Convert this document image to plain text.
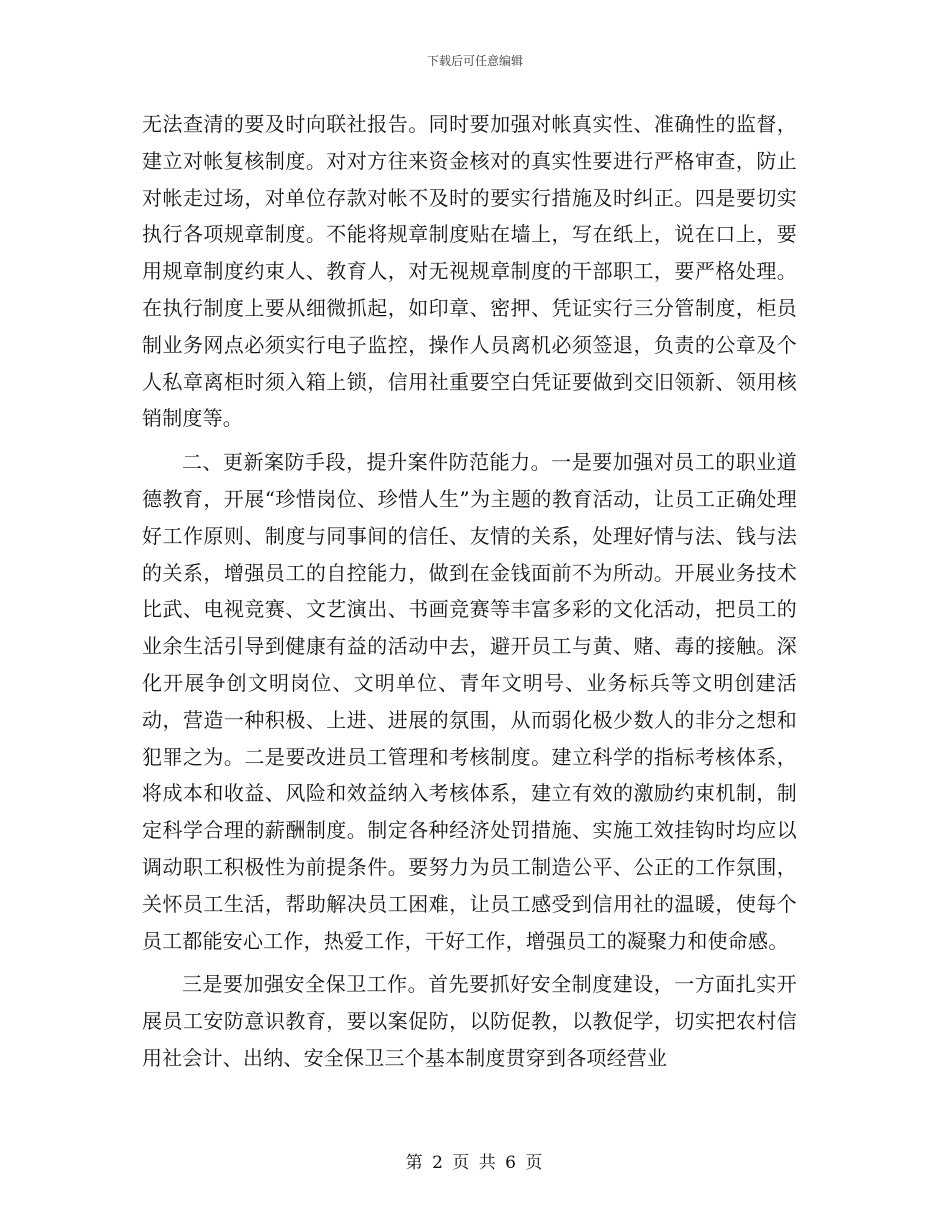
下载后可任意编辑

无法查清的要及时向联社报告。同时要加强对帐真实性、准确性的监督，建立对帐复核制度。对对方往来资金核对的真实性要进行严格审查，防止对帐走过场，对单位存款对帐不及时的要实行措施及时纠正。四是要切实执行各项规章制度。不能将规章制度贴在墙上，写在纸上，说在口上，要用规章制度约束人、教育人，对无视规章制度的干部职工，要严格处理。在执行制度上要从细微抓起，如印章、密押、凭证实行三分管制度，柜员制业务网点必须实行电子监控，操作人员离机必须签退，负责的公章及个人私章离柜时须入箱上锁，信用社重要空白凭证要做到交旧领新、领用核销制度等。

二、更新案防手段，提升案件防范能力。一是要加强对员工的职业道德教育，开展“珍惜岗位、珍惜人生”为主题的教育活动，让员工正确处理好工作原则、制度与同事间的信任、友情的关系，处理好情与法、钱与法的关系，增强员工的自控能力，做到在金钱面前不为所动。开展业务技术比武、电视竞赛、文艺演出、书画竞赛等丰富多彩的文化活动，把员工的业余生活引导到健康有益的活动中去，避开员工与黄、赌、毒的接触。深化开展争创文明岗位、文明单位、青年文明号、业务标兵等文明创建活动，营造一种积极、上进、进展的氛围，从而弱化极少数人的非分之想和犯罪之为。二是要改进员工管理和考核制度。建立科学的指标考核体系，将成本和收益、风险和效益纳入考核体系，建立有效的激励约束机制，制定科学合理的薪酬制度。制定各种经济处罚措施、实施工效挂钩时均应以调动职工积极性为前提条件。要努力为员工制造公平、公正的工作氛围，关怀员工生活，帮助解决员工困难，让员工感受到信用社的温暖，使每个员工都能安心工作，热爱工作，干好工作，增强员工的凝聚力和使命感。

三是要加强安全保卫工作。首先要抓好安全制度建设，一方面扎实开展员工安防意识教育，要以案促防，以防促教，以教促学，切实把农村信用社会计、出纳、安全保卫三个基本制度贯穿到各项经营业

第 2 页 共 6 页
